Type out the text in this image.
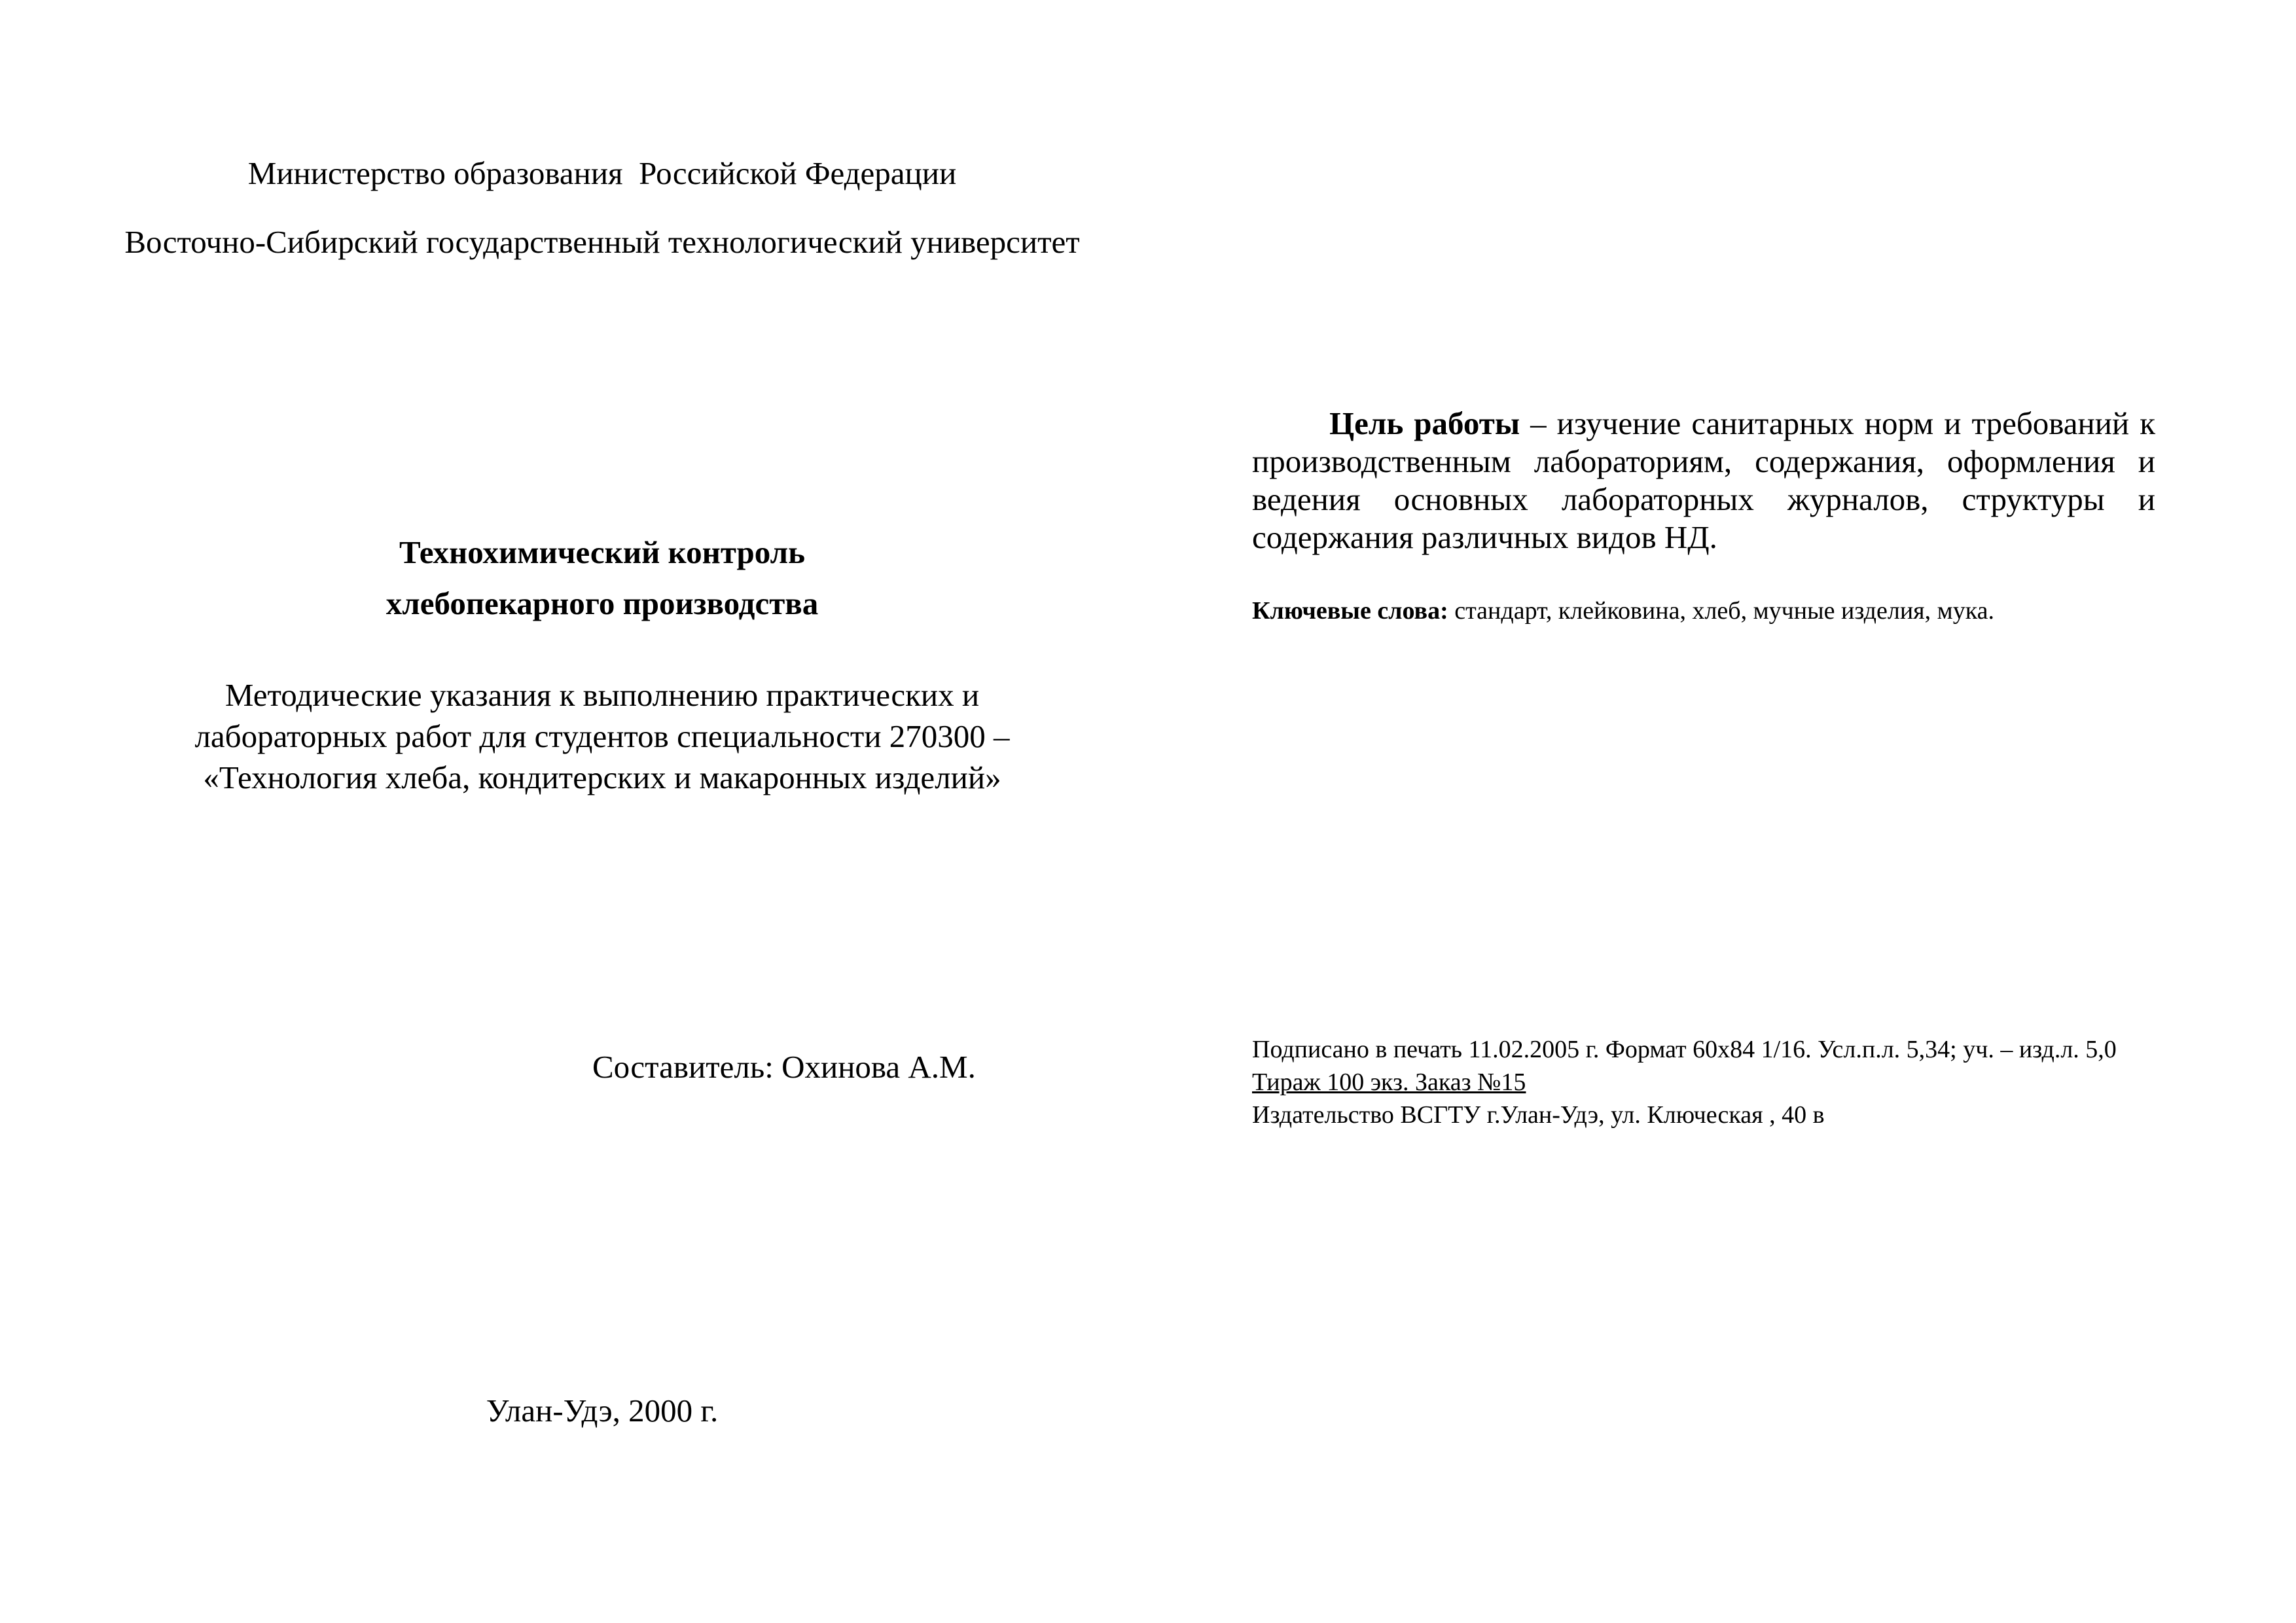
Министерство образования  Российской Федерации
Восточно-Сибирский государственный технологический университет
Технохимический контроль
хлебопекарного производства
Методические указания к выполнению практических и
лабораторных работ для студентов специальности 270300 –
«Технология хлеба, кондитерских и макаронных изделий»
Составитель: Охинова А.М.
Улан-Удэ, 2000 г.
Цель работы – изучение санитарных норм и требований к производственным лабораториям, содержания, оформления и ведения основных лабораторных журналов, структуры и содержания различных видов НД.
Ключевые слова: стандарт, клейковина, хлеб, мучные изделия, мука.
Подписано в печать 11.02.2005 г. Формат 60х84 1/16. Усл.п.л. 5,34; уч. – изд.л. 5,0
Тираж 100 экз. Заказ №15
Издательство ВСГТУ г.Улан-Удэ, ул. Ключеская , 40 в
